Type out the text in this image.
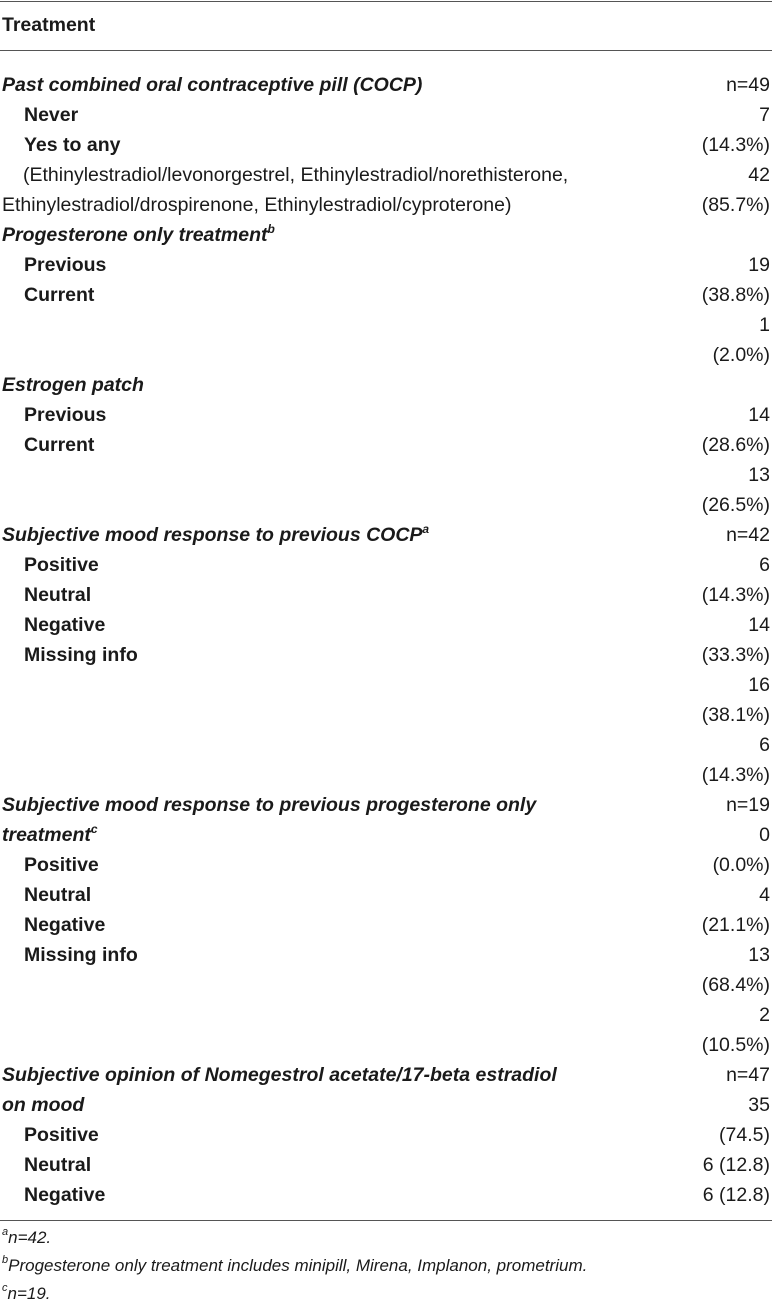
Treatment
Past combined oral contraceptive pill (COCP)	n=49
Never	7
Yes to any	(14.3%)
(Ethinylestradiol/levonorgestrel, Ethinylestradiol/norethisterone,	42
Ethinylestradiol/drospirenone, Ethinylestradiol/cyproterone)	(85.7%)
Progesterone only treatment$^b$
Previous	19
Current	(38.8%)
1
(2.0%)
Estrogen patch
Previous	14
Current	(28.6%)
13
(26.5%)
Subjective mood response to previous COCP$^a$	n=42
Positive	6
Neutral	(14.3%)
Negative	14
Missing info	(33.3%)
16
(38.1%)
6
(14.3%)
Subjective mood response to previous progesterone only	n=19
treatment$^c$	0
Positive	(0.0%)
Neutral	4
Negative	(21.1%)
Missing info	13
(68.4%)
2
(10.5%)
Subjective opinion of Nomegestrol acetate/17-beta estradiol	n=47
on mood	35
Positive	(74.5)
Neutral	6 (12.8)
Negative	6 (12.8)
$^a$n=42.
$^b$Progesterone only treatment includes minipill, Mirena, Implanon, prometrium.
$^c$n=19.
